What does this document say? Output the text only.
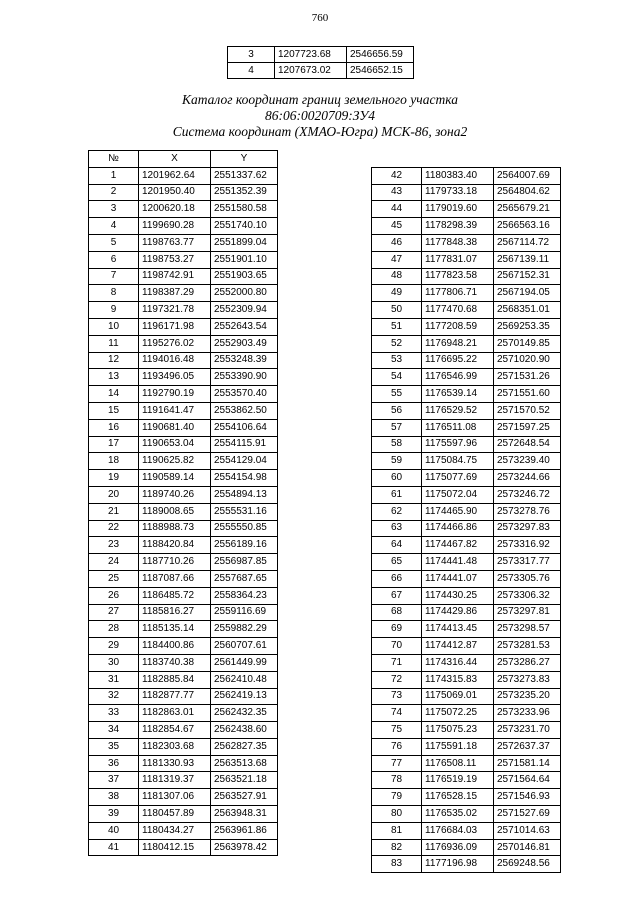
760
3	1207723.68	2546656.59
4	1207673.02	2546652.15
Каталог координат границ земельного участка
86:06:0020709:ЗУ4
Система координат (ХМАО-Югра) МСК-86, зона2
№	X	Y
1	1201962.64	2551337.62
2	1201950.40	2551352.39
3	1200620.18	2551580.58
4	1199690.28	2551740.10
5	1198763.77	2551899.04
6	1198753.27	2551901.10
7	1198742.91	2551903.65
8	1198387.29	2552000.80
9	1197321.78	2552309.94
10	1196171.98	2552643.54
11	1195276.02	2552903.49
12	1194016.48	2553248.39
13	1193496.05	2553390.90
14	1192790.19	2553570.40
15	1191641.47	2553862.50
16	1190681.40	2554106.64
17	1190653.04	2554115.91
18	1190625.82	2554129.04
19	1190589.14	2554154.98
20	1189740.26	2554894.13
21	1189008.65	2555531.16
22	1188988.73	2555550.85
23	1188420.84	2556189.16
24	1187710.26	2556987.85
25	1187087.66	2557687.65
26	1186485.72	2558364.23
27	1185816.27	2559116.69
28	1185135.14	2559882.29
29	1184400.86	2560707.61
30	1183740.38	2561449.99
31	1182885.84	2562410.48
32	1182877.77	2562419.13
33	1182863.01	2562432.35
34	1182854.67	2562438.60
35	1182303.68	2562827.35
36	1181330.93	2563513.68
37	1181319.37	2563521.18
38	1181307.06	2563527.91
39	1180457.89	2563948.31
40	1180434.27	2563961.86
41	1180412.15	2563978.42
42	1180383.40	2564007.69
43	1179733.18	2564804.62
44	1179019.60	2565679.21
45	1178298.39	2566563.16
46	1177848.38	2567114.72
47	1177831.07	2567139.11
48	1177823.58	2567152.31
49	1177806.71	2567194.05
50	1177470.68	2568351.01
51	1177208.59	2569253.35
52	1176948.21	2570149.85
53	1176695.22	2571020.90
54	1176546.99	2571531.26
55	1176539.14	2571551.60
56	1176529.52	2571570.52
57	1176511.08	2571597.25
58	1175597.96	2572648.54
59	1175084.75	2573239.40
60	1175077.69	2573244.66
61	1175072.04	2573246.72
62	1174465.90	2573278.76
63	1174466.86	2573297.83
64	1174467.82	2573316.92
65	1174441.48	2573317.77
66	1174441.07	2573305.76
67	1174430.25	2573306.32
68	1174429.86	2573297.81
69	1174413.45	2573298.57
70	1174412.87	2573281.53
71	1174316.44	2573286.27
72	1174315.83	2573273.83
73	1175069.01	2573235.20
74	1175072.25	2573233.96
75	1175075.23	2573231.70
76	1175591.18	2572637.37
77	1176508.11	2571581.14
78	1176519.19	2571564.64
79	1176528.15	2571546.93
80	1176535.02	2571527.69
81	1176684.03	2571014.63
82	1176936.09	2570146.81
83	1177196.98	2569248.56
